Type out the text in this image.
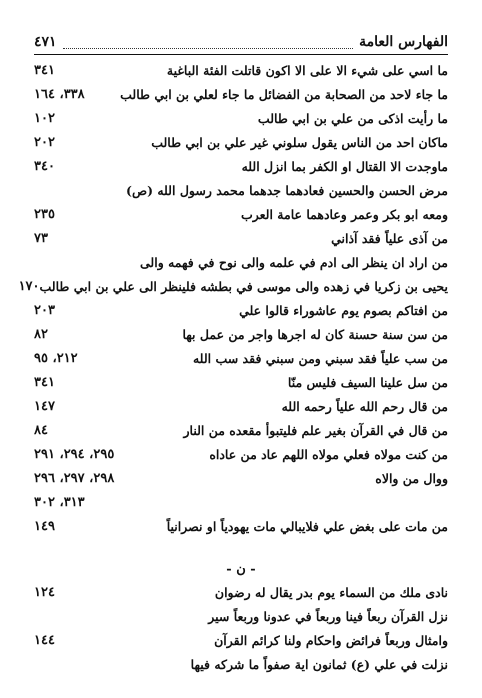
الفهارس العامة
٤٧١
ما اسي على شيء الا على الا اكون قاتلت الفئة الباغية
٣٤١
ما جاء لاحد من الصحابة من الفضائل ما جاء لعلي بن ابي طالب
٣٣٨، ١٦٤
ما رأيت اذكى من علي بن ابي طالب
١٠٢
ماكان احد من الناس يقول سلوني غير علي بن ابي طالب
٢٠٢
ماوجدت الا القتال او الكفر بما انزل الله
٣٤٠
مرض الحسن والحسين فعادهما جدهما محمد رسول الله (ص)
ومعه ابو بكر وعمر وعادهما عامة العرب
٢٣٥
من آذى علياً فقد آذاني
٧٣
من اراد ان ينظر الى ادم في علمه والى نوح في فهمه والى
يحيى بن زكريا في زهده والى موسى في بطشه فلينظر الى علي بن ابي طالب
١٧٠
من افتاكم بصوم يوم عاشوراء قالوا علي
٢٠٣
من سن سنة حسنة كان له اجرها واجر من عمل بها
٨٢
من سب علياً فقد سبني ومن سبني فقد سب الله
٢١٢، ٩٥
من سل علينا السيف فليس منّا
٣٤١
من قال رحم الله علياً رحمه الله
١٤٧
من قال في القرآن بغير علم فليتبوأ مقعده من النار
٨٤
من كنت مولاه فعلي مولاه اللهم عاد من عاداه
٢٩٥، ٢٩٤، ٢٩١
ووال من والاه
٢٩٨، ٢٩٧، ٢٩٦
٣١٣، ٣٠٢
من مات على بغض علي فلايبالي مات يهودياً او نصرانياً
١٤٩
- ن -
نادى ملك من السماء يوم بدر يقال له رضوان
١٢٤
نزل القرآن ربعاً فينا وربعاً في عدونا وربعاً سير
وامثال وربعاً فرائض واحكام ولنا كرائم القرآن
١٤٤
نزلت في علي (ع) ثمانون اية صفواً ما شركه فيها
